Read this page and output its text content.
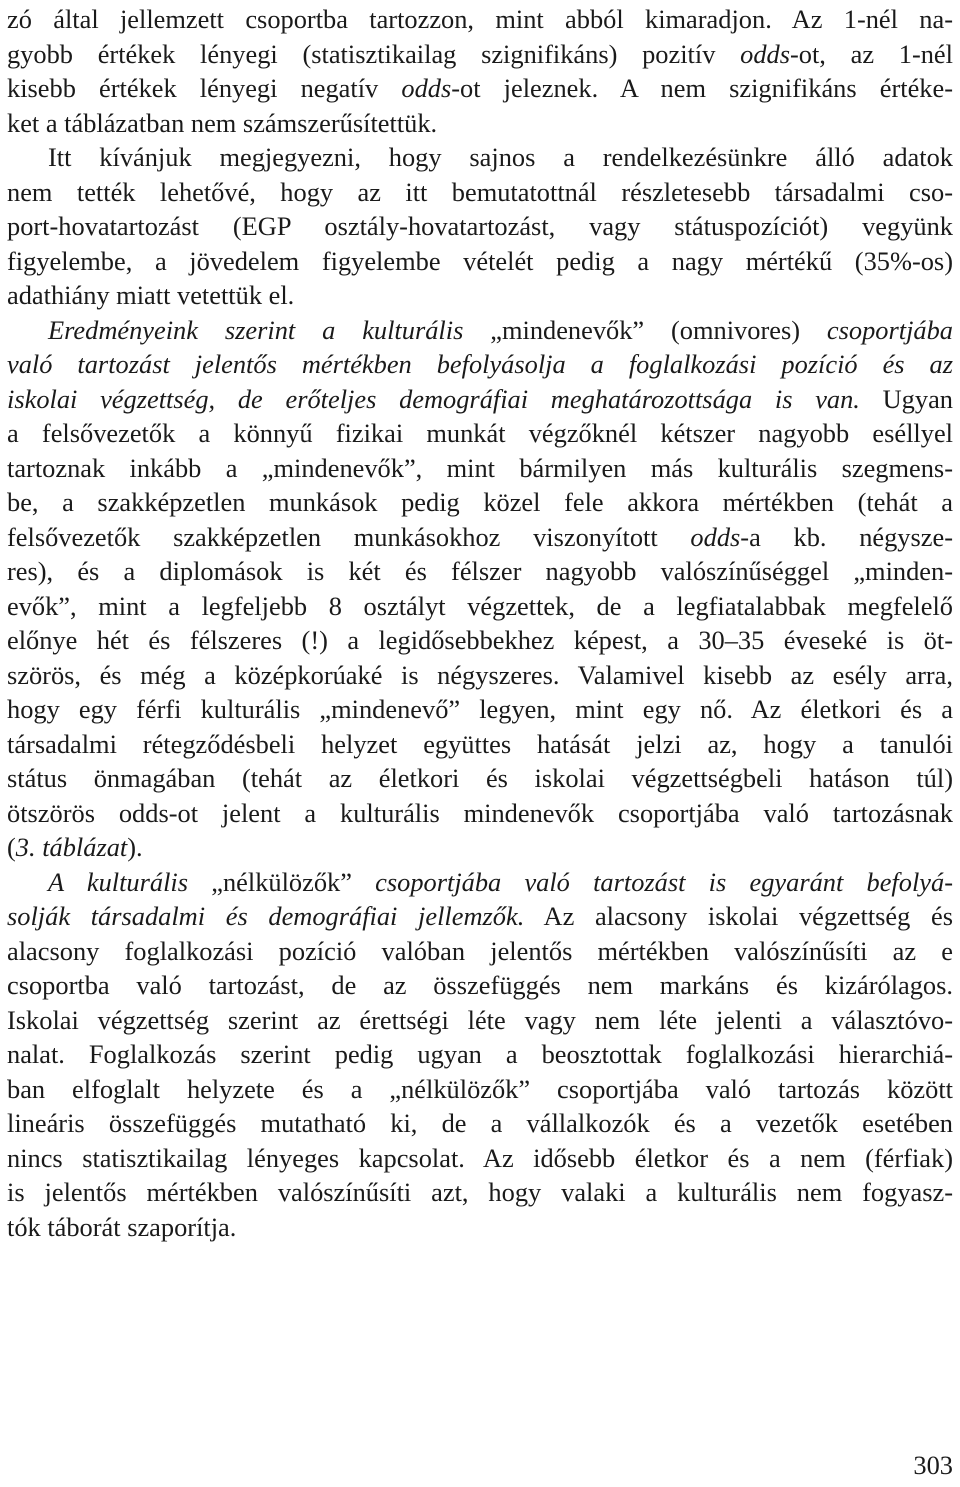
zó által jellemzett csoportba tartozzon, mint abból kimaradjon. Az 1-nél na-
gyobb értékek lényegi (statisztikailag szignifikáns) pozitív odds-ot, az 1-nél
kisebb értékek lényegi negatív odds-ot jeleznek. A nem szignifikáns értéke-
ket a táblázatban nem számszerűsítettük.
Itt kívánjuk megjegyezni, hogy sajnos a rendelkezésünkre álló adatok
nem tették lehetővé, hogy az itt bemutatottnál részletesebb társadalmi cso-
port-hovatartozást (EGP osztály-hovatartozást, vagy státuspozíciót) vegyünk
figyelembe, a jövedelem figyelembe vételét pedig a nagy mértékű (35%-os)
adathiány miatt vetettük el.
Eredményeink szerint a kulturális „mindenevők” (omnivores) csoportjába
való tartozást jelentős mértékben befolyásolja a foglalkozási pozíció és az
iskolai végzettség, de erőteljes demográfiai meghatározottsága is van. Ugyan
a felsővezetők a könnyű fizikai munkát végzőknél kétszer nagyobb eséllyel
tartoznak inkább a „mindenevők”, mint bármilyen más kulturális szegmens-
be, a szakképzetlen munkások pedig közel fele akkora mértékben (tehát a
felsővezetők szakképzetlen munkásokhoz viszonyított odds-a kb. négysze-
res), és a diplomások is két és félszer nagyobb valószínűséggel „minden-
evők”, mint a legfeljebb 8 osztályt végzettek, de a legfiatalabbak megfelelő
előnye hét és félszeres (!) a legidősebbekhez képest, a 30–35 éveseké is öt-
szörös, és még a középkorúaké is négyszeres. Valamivel kisebb az esély arra,
hogy egy férfi kulturális „mindenevő” legyen, mint egy nő. Az életkori és a
társadalmi rétegződésbeli helyzet együttes hatását jelzi az, hogy a tanulói
státus önmagában (tehát az életkori és iskolai végzettségbeli hatáson túl)
ötszörös odds-ot jelent a kulturális mindenevők csoportjába való tartozásnak
(3. táblázat).
A kulturális „nélkülözők” csoportjába való tartozást is egyaránt befolyá-
solják társadalmi és demográfiai jellemzők. Az alacsony iskolai végzettség és
alacsony foglalkozási pozíció valóban jelentős mértékben valószínűsíti az e
csoportba való tartozást, de az összefüggés nem markáns és kizárólagos.
Iskolai végzettség szerint az érettségi léte vagy nem léte jelenti a választóvo-
nalat. Foglalkozás szerint pedig ugyan a beosztottak foglalkozási hierarchiá-
ban elfoglalt helyzete és a „nélkülözők” csoportjába való tartozás között
lineáris összefüggés mutatható ki, de a vállalkozók és a vezetők esetében
nincs statisztikailag lényeges kapcsolat. Az idősebb életkor és a nem (férfiak)
is jelentős mértékben valószínűsíti azt, hogy valaki a kulturális nem fogyasz-
tók táborát szaporítja.
303
